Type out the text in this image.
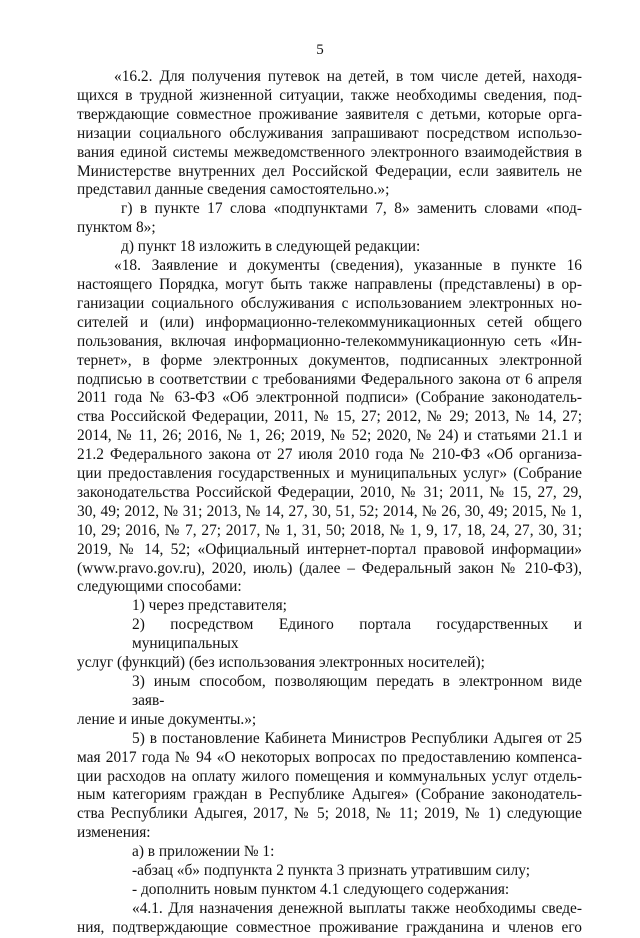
5
«16.2. Для получения путевок на детей, в том числе детей, находя-
щихся в трудной жизненной ситуации, также необходимы сведения, под-
тверждающие совместное проживание заявителя с детьми, которые орга-
низации социального обслуживания запрашивают посредством использо-
вания единой системы межведомственного электронного взаимодействия в
Министерстве внутренних дел Российской Федерации, если заявитель не
представил данные сведения самостоятельно.»;
г) в пункте 17 слова «подпунктами 7, 8» заменить словами «под-
пунктом 8»;
д) пункт 18 изложить в следующей редакции:
«18. Заявление и документы (сведения), указанные в пункте 16
настоящего Порядка, могут быть также направлены (представлены) в ор-
ганизации социального обслуживания с использованием электронных но-
сителей и (или) информационно-телекоммуникационных сетей общего
пользования, включая информационно-телекоммуникационную сеть «Ин-
тернет», в форме электронных документов, подписанных электронной
подписью в соответствии с требованиями Федерального закона от 6 апреля
2011 года № 63-ФЗ «Об электронной подписи» (Собрание законодатель-
ства Российской Федерации, 2011, № 15, 27; 2012, № 29; 2013, № 14, 27;
2014, № 11, 26; 2016, № 1, 26; 2019, № 52; 2020, № 24) и статьями 21.1 и
21.2 Федерального закона от 27 июля 2010 года № 210-ФЗ «Об организа-
ции предоставления государственных и муниципальных услуг» (Собрание
законодательства Российской Федерации, 2010, № 31; 2011, № 15, 27, 29,
30, 49; 2012, № 31; 2013, № 14, 27, 30, 51, 52; 2014, № 26, 30, 49; 2015, № 1,
10, 29; 2016, № 7, 27; 2017, № 1, 31, 50; 2018, № 1, 9, 17, 18, 24, 27, 30, 31;
2019, № 14, 52; «Официальный интернет-портал правовой информации»
(www.pravo.gov.ru), 2020, июль) (далее – Федеральный закон № 210-ФЗ),
следующими способами:
1) через представителя;
2) посредством Единого портала государственных и муниципальных
услуг (функций) (без использования электронных носителей);
3) иным способом, позволяющим передать в электронном виде заяв-
ление и иные документы.»;
5) в постановление Кабинета Министров Республики Адыгея от 25
мая 2017 года № 94 «О некоторых вопросах по предоставлению компенса-
ции расходов на оплату жилого помещения и коммунальных услуг отдель-
ным категориям граждан в Республике Адыгея» (Собрание законодатель-
ства Республики Адыгея, 2017, № 5; 2018, № 11; 2019, № 1) следующие
изменения:
а) в приложении № 1:
-абзац «б» подпункта 2 пункта 3 признать утратившим силу;
- дополнить новым пунктом 4.1 следующего содержания:
«4.1. Для назначения денежной выплаты также необходимы сведе-
ния, подтверждающие совместное проживание гражданина и членов его
